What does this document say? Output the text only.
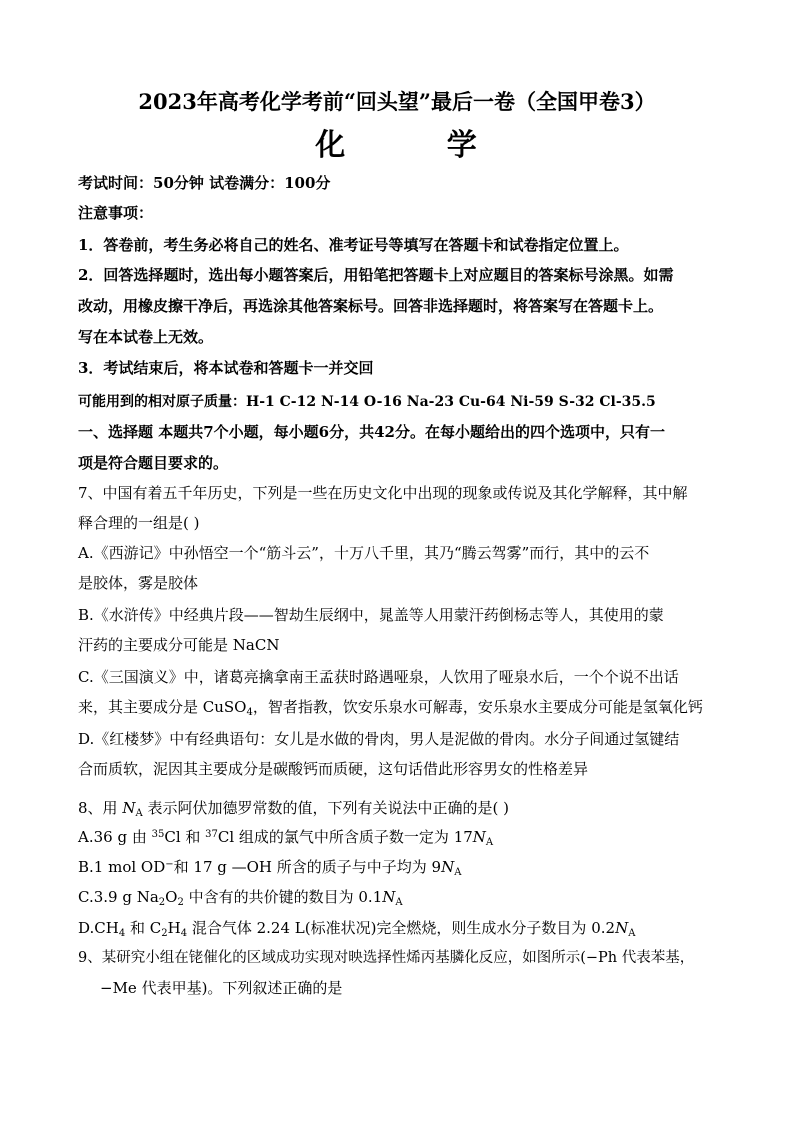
2023年高考化学考前“回头望”最后一卷（全国甲卷3）
化        学
考试时间：50分钟 试卷满分：100分
注意事项：
1．答卷前，考生务必将自己的姓名、准考证号等填写在答题卡和试卷指定位置上。
2．回答选择题时，选出每小题答案后，用铅笔把答题卡上对应题目的答案标号涂黑。如需
改动，用橡皮擦干净后，再选涂其他答案标号。回答非选择题时，将答案写在答题卡上。
写在本试卷上无效。
3．考试结束后，将本试卷和答题卡一并交回
可能用到的相对原子质量：H-1 C-12 N-14 O-16 Na-23 Cu-64 Ni-59 S-32 Cl-35.5
一、选择题 本题共7个小题，每小题6分，共42分。在每小题给出的四个选项中，只有一
项是符合题目要求的。
7、中国有着五千年历史，下列是一些在历史文化中出现的现象或传说及其化学解释，其中解
释合理的一组是( )
A.《西游记》中孙悟空一个“筋斗云”，十万八千里，其乃“腾云驾雾”而行，其中的云不
是胶体，雾是胶体
B.《水浒传》中经典片段——智劫生辰纲中，晁盖等人用蒙汗药倒杨志等人，其使用的蒙
汗药的主要成分可能是 NaCN
C.《三国演义》中，诸葛亮擒拿南王孟获时路遇哑泉，人饮用了哑泉水后，一个个说不出话
来，其主要成分是 CuSO$_4$，智者指教，饮安乐泉水可解毒，安乐泉水主要成分可能是氢氧化钙
D.《红楼梦》中有经典语句：女儿是水做的骨肉，男人是泥做的骨肉。水分子间通过氢键结
合而质软，泥因其主要成分是碳酸钙而质硬，这句话借此形容男女的性格差异
8、用 $N_A$ 表示阿伏加德罗常数的值，下列有关说法中正确的是( )
A.36 g 由 $^{35}$Cl 和 $^{37}$Cl 组成的氯气中所含质子数一定为 $17N_A$
B.1 mol OD−和 17 g —OH 所含的质子与中子均为 $9N_A$
C.3.9 g $Na_2O_2$ 中含有的共价键的数目为 $0.1N_A$
$D.CH_4$ 和 $C_2H_4$ 混合气体 2.24 L(标准状况)完全燃烧，则生成水分子数目为 $0.2N_A$
9、某研究小组在铑催化的区域成功实现对映选择性烯丙基膦化反应，如图所示(−Ph 代表苯基，
−Me 代表甲基)。下列叙述正确的是
